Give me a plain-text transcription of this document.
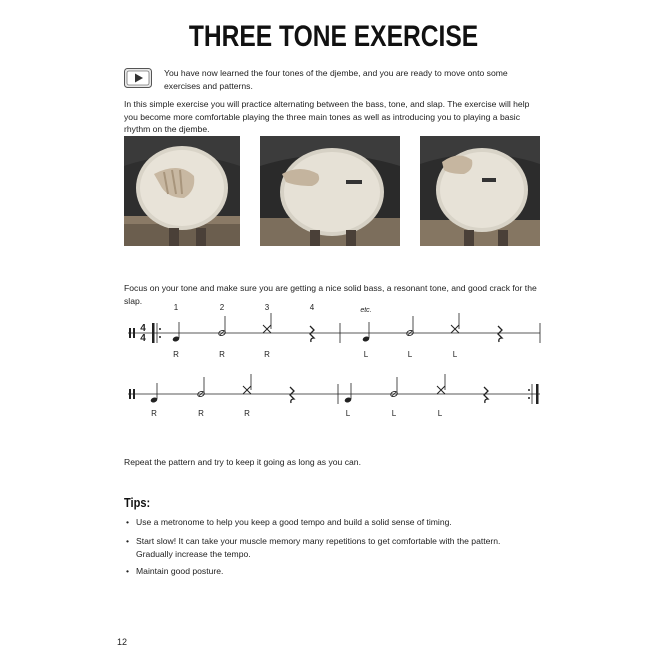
THREE TONE EXERCISE
You have now learned the four tones of the djembe, and you are ready to move onto some exercises and patterns.
In this simple exercise you will practice alternating between the bass, tone, and slap. The exercise will help you become more comfortable playing the three main tones as well as introducing you to playing a basic rhythm on the djembe.
Focus on your tone and make sure you are getting a nice solid bass, a resonant tone, and good crack for the slap.
1	2	3	4	etc.
4
4
R	R	R	L	L	L
R	R	R	L	L	L
Repeat the pattern and try to keep it going as long as you can.
Tips:
• Use a metronome to help you keep a good tempo and build a solid sense of timing.
• Start slow! It can take your muscle memory many repetitions to get comfortable with the pattern. Gradually increase the tempo.
• Maintain good posture.
12
